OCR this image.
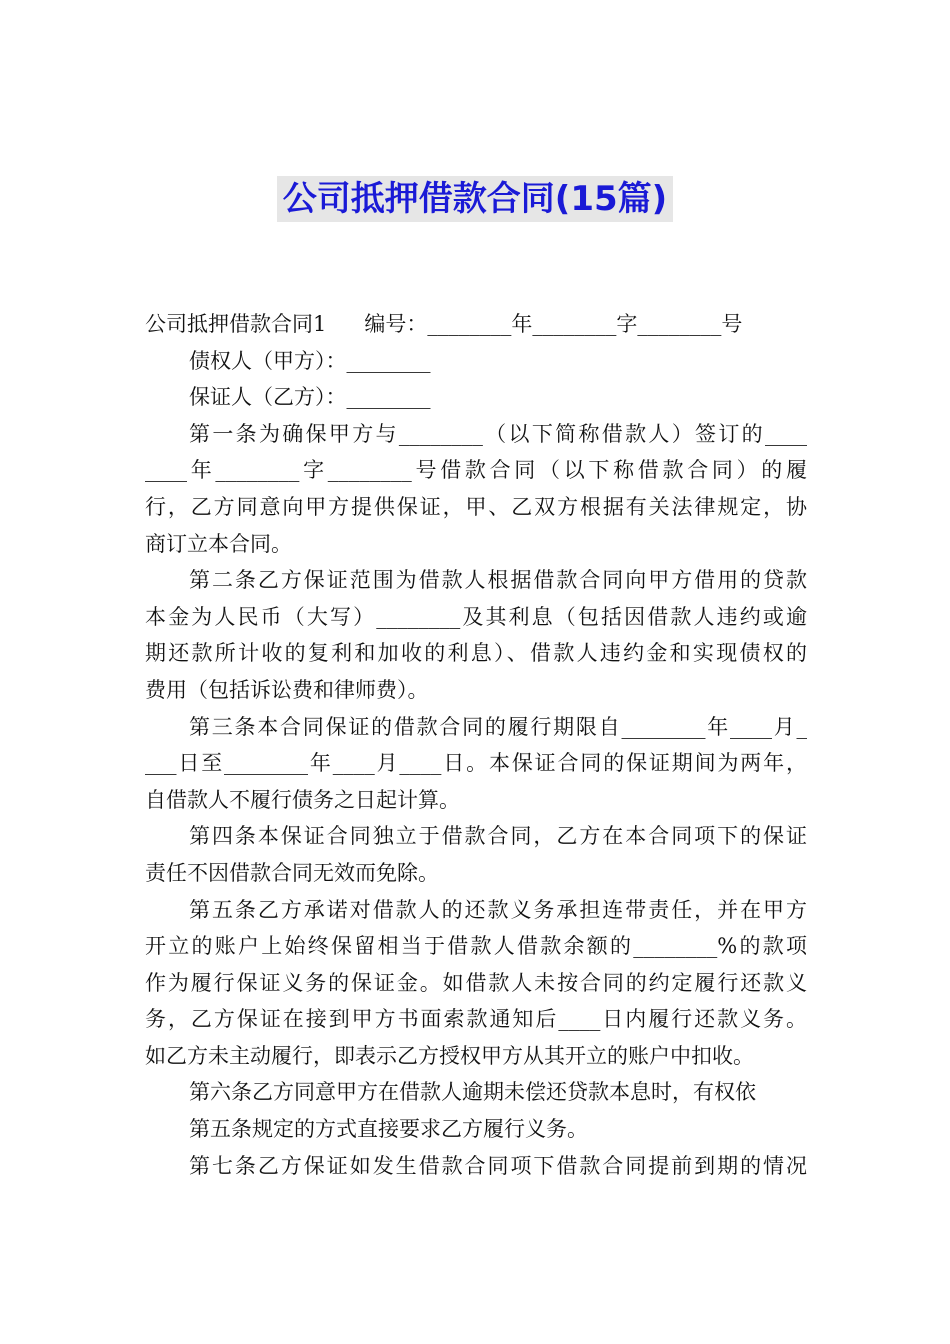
公司抵押借款合同(15篇)
公司抵押借款合同1 编号：________年________字________号
债权人（甲方）：________
保证人（乙方）：________
第一条为确保甲方与________（以下简称借款人）签订的____
____年________字________号借款合同（以下称借款合同）的履
行，乙方同意向甲方提供保证，甲、乙双方根据有关法律规定，协
商订立本合同。
第二条乙方保证范围为借款人根据借款合同向甲方借用的贷款
本金为人民币（大写）________及其利息（包括因借款人违约或逾
期还款所计收的复利和加收的利息）、借款人违约金和实现债权的
费用（包括诉讼费和律师费）。
第三条本合同保证的借款合同的履行期限自________年____月_
___日至________年____月____日。本保证合同的保证期间为两年，
自借款人不履行债务之日起计算。
第四条本保证合同独立于借款合同，乙方在本合同项下的保证
责任不因借款合同无效而免除。
第五条乙方承诺对借款人的还款义务承担连带责任，并在甲方
开立的账户上始终保留相当于借款人借款余额的________%的款项
作为履行保证义务的保证金。如借款人未按合同的约定履行还款义
务，乙方保证在接到甲方书面索款通知后____日内履行还款义务。
如乙方未主动履行，即表示乙方授权甲方从其开立的账户中扣收。
第六条乙方同意甲方在借款人逾期未偿还贷款本息时，有权依
第五条规定的方式直接要求乙方履行义务。
第七条乙方保证如发生借款合同项下借款合同提前到期的情况
